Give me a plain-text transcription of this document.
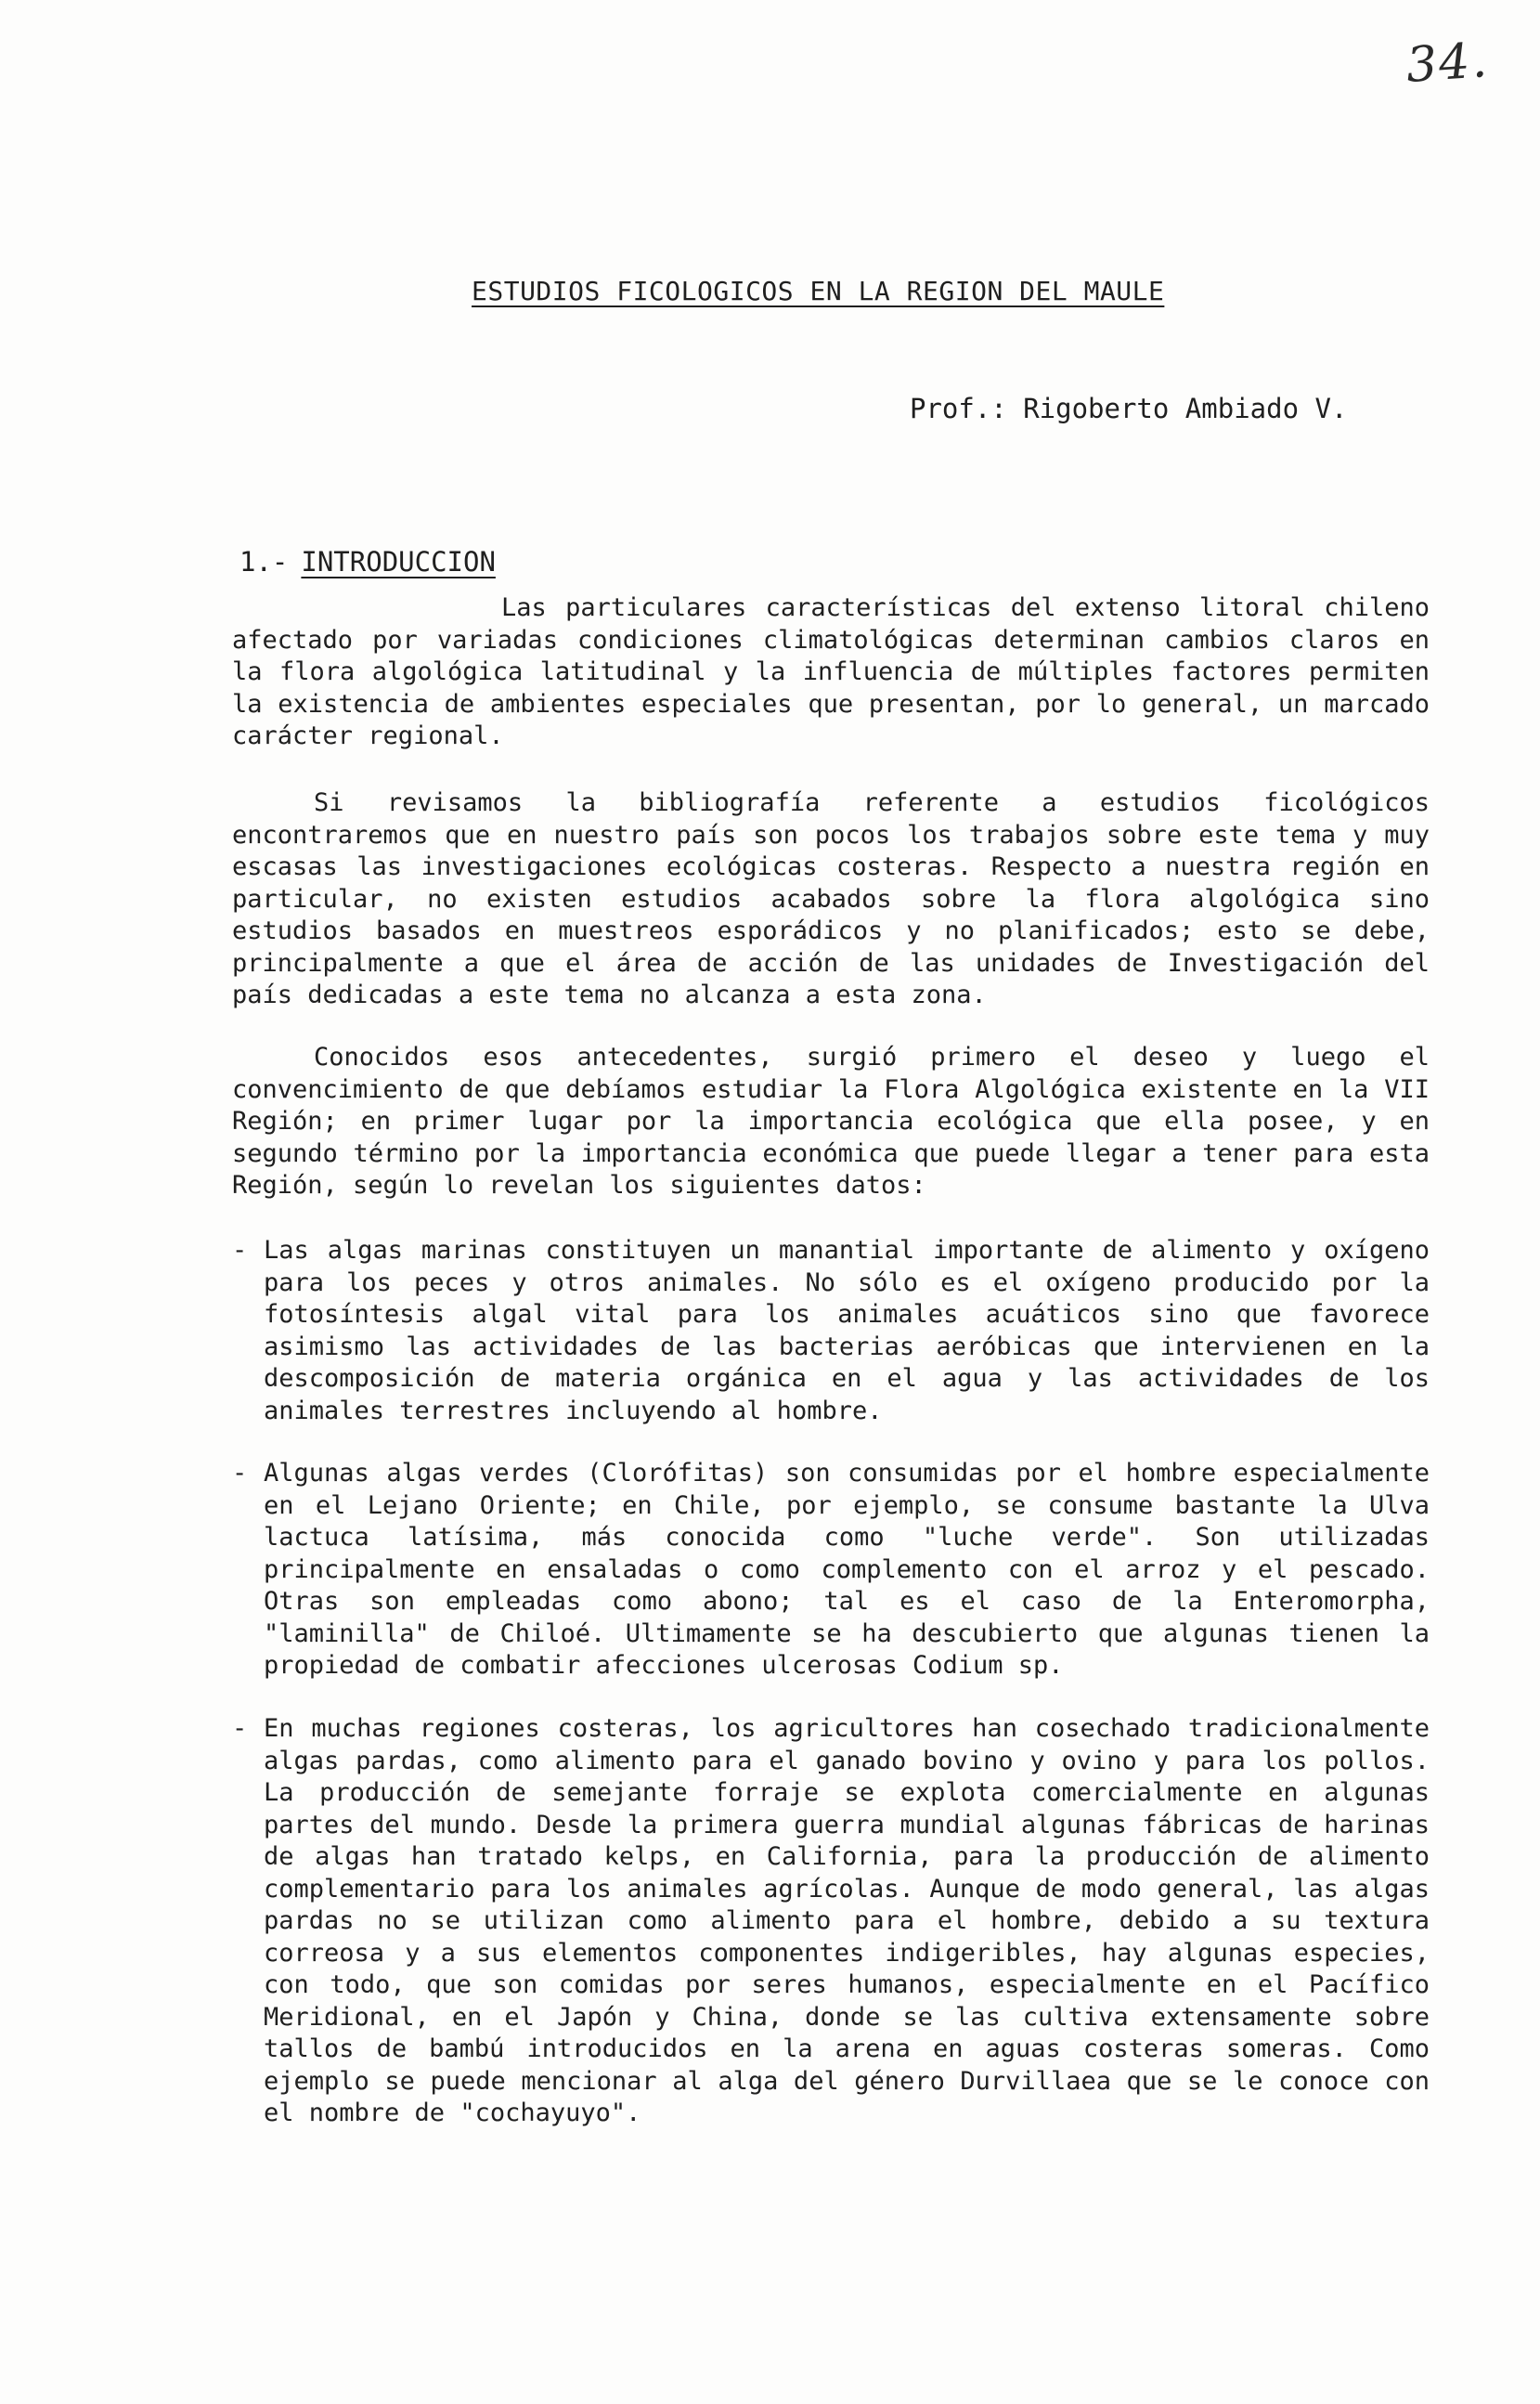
34.
ESTUDIOS FICOLOGICOS EN LA REGION DEL MAULE
Prof.: Rigoberto Ambiado V.
1.- INTRODUCCION

Las particulares características del extenso litoral chileno afectado por variadas condiciones climatológicas determinan cambios claros en la flora algológica latitudinal y la influencia de múltiples factores permiten la existencia de ambientes especiales que presentan, por lo general, un marcado carácter regional.

Si revisamos la bibliografía referente a estudios ficológicos encontraremos que en nuestro país son pocos los trabajos sobre este tema y muy escasas las investigaciones ecológicas costeras. Respecto a nuestra región en particular, no existen estudios acabados sobre la flora algológica sino estudios basados en muestreos esporádicos y no planificados; esto se debe, principalmente a que el área de acción de las unidades de Investigación del país dedicadas a este tema no alcanza a esta zona.

Conocidos esos antecedentes, surgió primero el deseo y luego el convencimiento de que debíamos estudiar la Flora Algológica existente en la VII Región; en primer lugar por la importancia ecológica que ella posee, y en segundo término por la importancia económica que puede llegar a tener para esta Región, según lo revelan los siguientes datos:

- Las algas marinas constituyen un manantial importante de alimento y oxígeno para los peces y otros animales. No sólo es el oxígeno producido por la fotosíntesis algal vital para los animales acuáticos sino que favorece asimismo las actividades de las bacterias aeróbicas que intervienen en la descomposición de materia orgánica en el agua y las actividades de los animales terrestres incluyendo al hombre.
- Algunas algas verdes (Clorófitas) son consumidas por el hombre especialmente en el Lejano Oriente; en Chile, por ejemplo, se consume bastante la Ulva lactuca latísima, más conocida como "luche verde". Son utilizadas principalmente en ensaladas o como complemento con el arroz y el pescado. Otras son empleadas como abono; tal es el caso de la Enteromorpha, "laminilla" de Chiloé. Ultimamente se ha descubierto que algunas tienen la propiedad de combatir afecciones ulcerosas Codium sp.
- En muchas regiones costeras, los agricultores han cosechado tradicionalmente algas pardas, como alimento para el ganado bovino y ovino y para los pollos. La producción de semejante forraje se explota comercialmente en algunas partes del mundo. Desde la primera guerra mundial algunas fábricas de harinas de algas han tratado kelps, en California, para la producción de alimento complementario para los animales agrícolas. Aunque de modo general, las algas pardas no se utilizan como alimento para el hombre, debido a su textura correosa y a sus elementos componentes indigeribles, hay algunas especies, con todo, que son comidas por seres humanos, especialmente en el Pacífico Meridional, en el Japón y China, donde se las cultiva extensamente sobre tallos de bambú introducidos en la arena en aguas costeras someras. Como ejemplo se puede mencionar al alga del género Durvillaea que se le conoce con el nombre de "cochayuyo".
